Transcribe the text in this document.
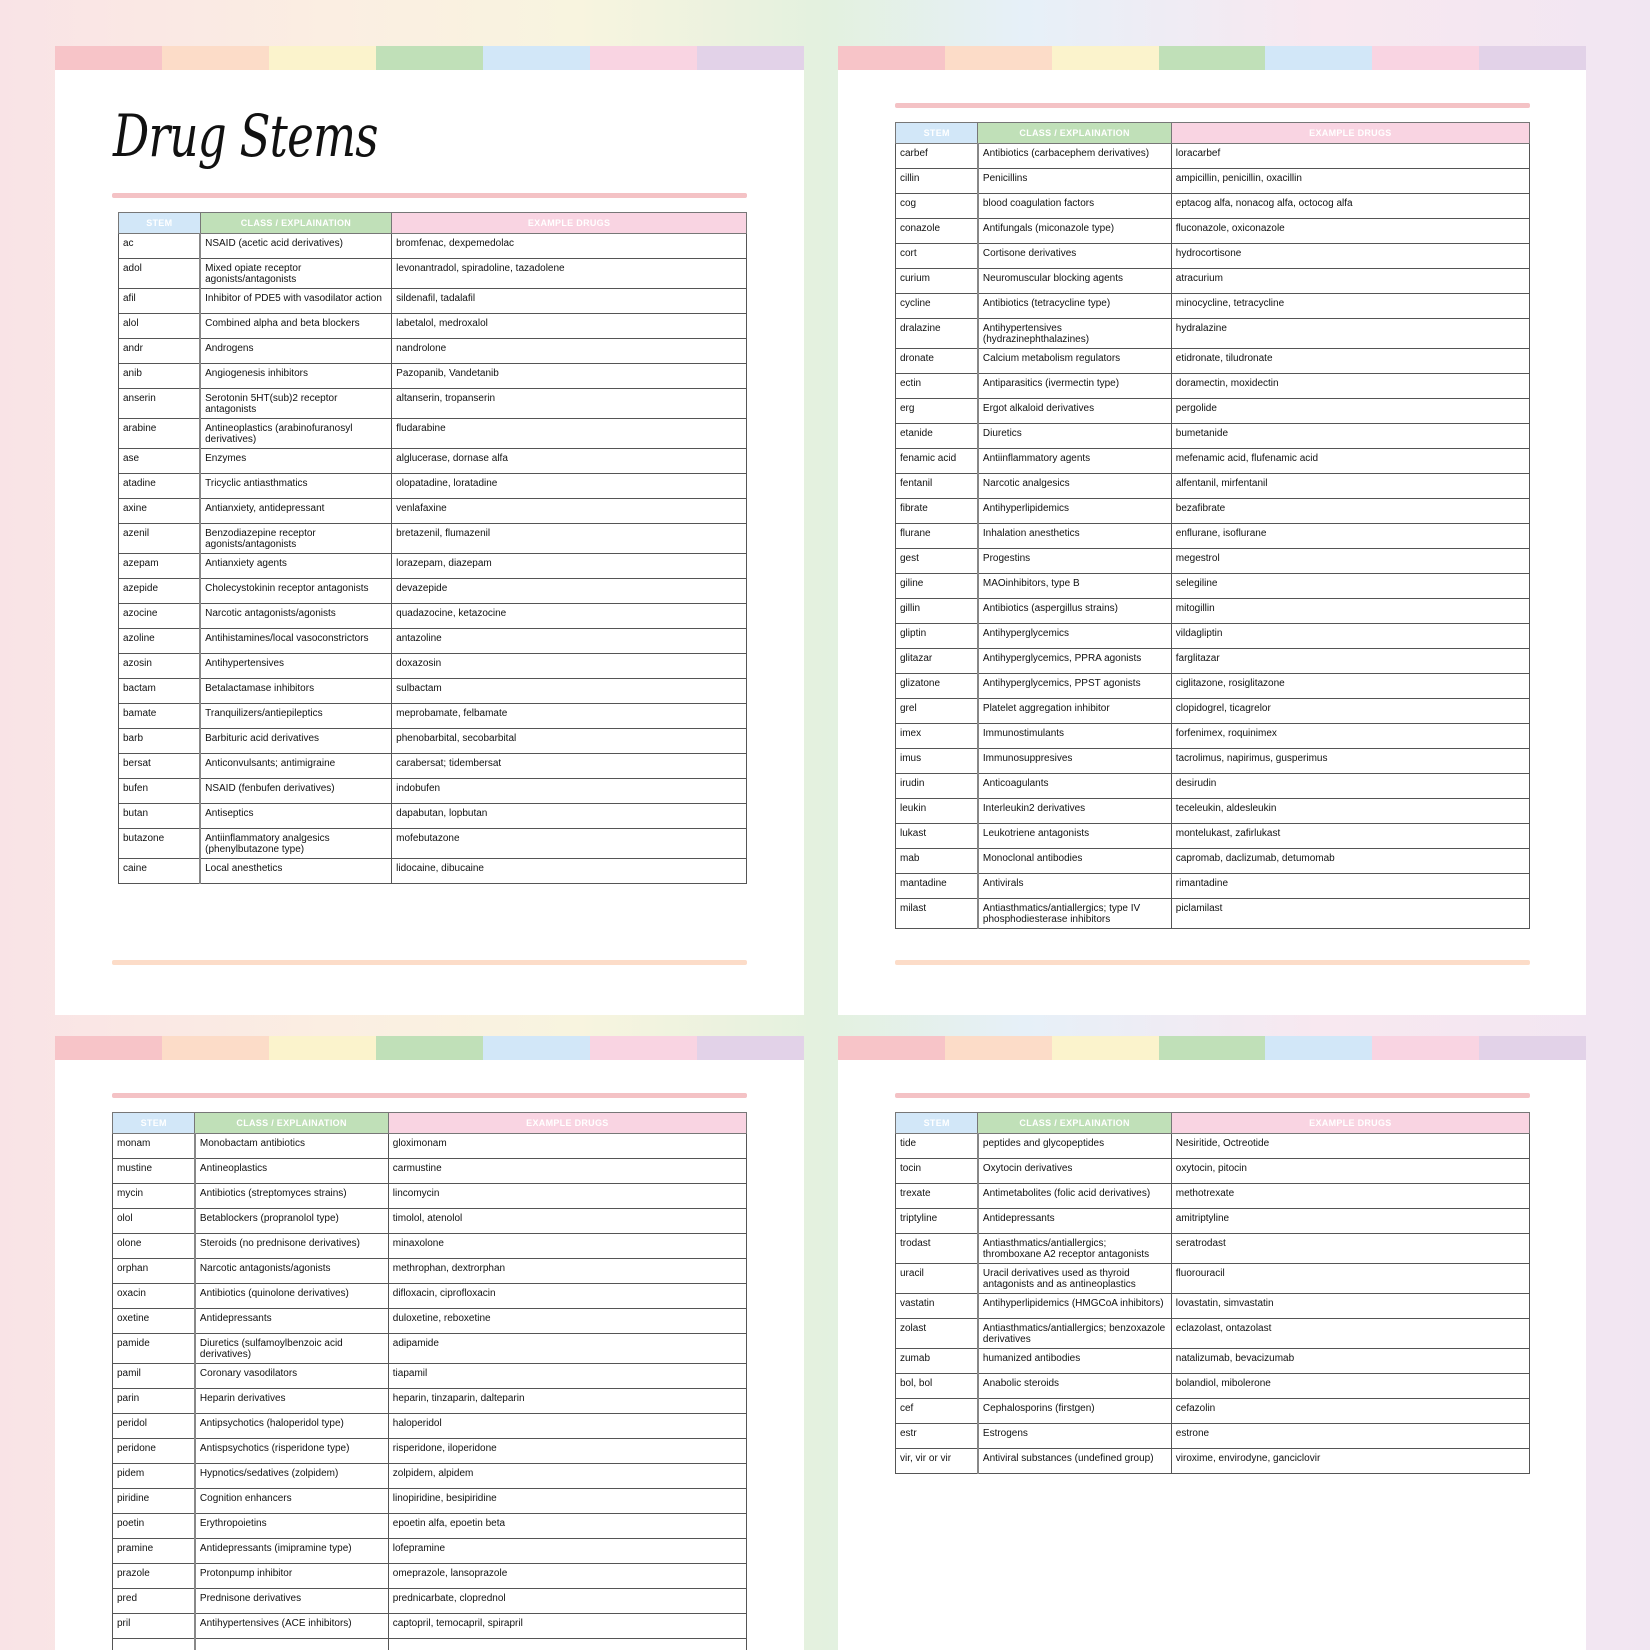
Drug Stems
STEM	CLASS / EXPLAINATION	EXAMPLE DRUGS
ac	NSAID (acetic acid derivatives)	bromfenac, dexpemedolac
adol	Mixed opiate receptor agonists/antagonists	levonantradol, spiradoline, tazadolene
afil	Inhibitor of PDE5 with vasodilator action	sildenafil, tadalafil
alol	Combined alpha and beta blockers	labetalol, medroxalol
andr	Androgens	nandrolone
anib	Angiogenesis inhibitors	Pazopanib, Vandetanib
anserin	Serotonin 5HT(sub)2 receptor antagonists	altanserin, tropanserin
arabine	Antineoplastics (arabinofuranosyl derivatives)	fludarabine
ase	Enzymes	alglucerase, dornase alfa
atadine	Tricyclic antiasthmatics	olopatadine, loratadine
axine	Antianxiety, antidepressant	venlafaxine
azenil	Benzodiazepine receptor agonists/antagonists	bretazenil, flumazenil
azepam	Antianxiety agents	lorazepam, diazepam
azepide	Cholecystokinin receptor antagonists	devazepide
azocine	Narcotic antagonists/agonists	quadazocine, ketazocine
azoline	Antihistamines/local vasoconstrictors	antazoline
azosin	Antihypertensives	doxazosin
bactam	Betalactamase inhibitors	sulbactam
bamate	Tranquilizers/antiepileptics	meprobamate, felbamate
barb	Barbituric acid derivatives	phenobarbital, secobarbital
bersat	Anticonvulsants; antimigraine	carabersat; tidembersat
bufen	NSAID (fenbufen derivatives)	indobufen
butan	Antiseptics	dapabutan, lopbutan
butazone	Antiinflammatory analgesics (phenylbutazone type)	mofebutazone
caine	Local anesthetics	lidocaine, dibucaine
STEM	CLASS / EXPLAINATION	EXAMPLE DRUGS
carbef	Antibiotics (carbacephem derivatives)	loracarbef
cillin	Penicillins	ampicillin, penicillin, oxacillin
cog	blood coagulation factors	eptacog alfa, nonacog alfa, octocog alfa
conazole	Antifungals (miconazole type)	fluconazole, oxiconazole
cort	Cortisone derivatives	hydrocortisone
curium	Neuromuscular blocking agents	atracurium
cycline	Antibiotics (tetracycline type)	minocycline, tetracycline
dralazine	Antihypertensives (hydrazinephthalazines)	hydralazine
dronate	Calcium metabolism regulators	etidronate, tiludronate
ectin	Antiparasitics (ivermectin type)	doramectin, moxidectin
erg	Ergot alkaloid derivatives	pergolide
etanide	Diuretics	bumetanide
fenamic acid	Antiinflammatory agents	mefenamic acid, flufenamic acid
fentanil	Narcotic analgesics	alfentanil, mirfentanil
fibrate	Antihyperlipidemics	bezafibrate
flurane	Inhalation anesthetics	enflurane, isoflurane
gest	Progestins	megestrol
giline	MAOinhibitors, type B	selegiline
gillin	Antibiotics (aspergillus strains)	mitogillin
gliptin	Antihyperglycemics	vildagliptin
glitazar	Antihyperglycemics, PPRA agonists	farglitazar
glizatone	Antihyperglycemics, PPST agonists	ciglitazone, rosiglitazone
grel	Platelet aggregation inhibitor	clopidogrel, ticagrelor
imex	Immunostimulants	forfenimex, roquinimex
imus	Immunosuppresives	tacrolimus, napirimus, gusperimus
irudin	Anticoagulants	desirudin
leukin	Interleukin2 derivatives	teceleukin, aldesleukin
lukast	Leukotriene antagonists	montelukast, zafirlukast
mab	Monoclonal antibodies	capromab, daclizumab, detumomab
mantadine	Antivirals	rimantadine
milast	Antiasthmatics/antiallergics; type IV phosphodiesterase inhibitors	piclamilast
STEM	CLASS / EXPLAINATION	EXAMPLE DRUGS
monam	Monobactam antibiotics	gloximonam
mustine	Antineoplastics	carmustine
mycin	Antibiotics (streptomyces strains)	lincomycin
olol	Betablockers (propranolol type)	timolol, atenolol
olone	Steroids (no prednisone derivatives)	minaxolone
orphan	Narcotic antagonists/agonists	methrophan, dextrorphan
oxacin	Antibiotics (quinolone derivatives)	difloxacin, ciprofloxacin
oxetine	Antidepressants	duloxetine, reboxetine
pamide	Diuretics (sulfamoylbenzoic acid derivatives)	adipamide
pamil	Coronary vasodilators	tiapamil
parin	Heparin derivatives	heparin, tinzaparin, dalteparin
peridol	Antipsychotics (haloperidol type)	haloperidol
peridone	Antispsychotics (risperidone type)	risperidone, iloperidone
pidem	Hypnotics/sedatives (zolpidem)	zolpidem, alpidem
piridine	Cognition enhancers	linopiridine, besipiridine
poetin	Erythropoietins	epoetin alfa, epoetin beta
pramine	Antidepressants (imipramine type)	lofepramine
prazole	Protonpump inhibitor	omeprazole, lansoprazole
pred	Prednisone derivatives	prednicarbate, cloprednol
pril	Antihypertensives (ACE inhibitors)	captopril, temocapril, spirapril

STEM	CLASS / EXPLAINATION	EXAMPLE DRUGS
tide	peptides and glycopeptides	Nesiritide, Octreotide
tocin	Oxytocin derivatives	oxytocin, pitocin
trexate	Antimetabolites (folic acid derivatives)	methotrexate
triptyline	Antidepressants	amitriptyline
trodast	Antiasthmatics/antiallergics; thromboxane A2 receptor antagonists	seratrodast
uracil	Uracil derivatives used as thyroid antagonists and as antineoplastics	fluorouracil
vastatin	Antihyperlipidemics (HMGCoA inhibitors)	lovastatin, simvastatin
zolast	Antiasthmatics/antiallergics; benzoxazole derivatives	eclazolast, ontazolast
zumab	humanized antibodies	natalizumab, bevacizumab
bol, bol	Anabolic steroids	bolandiol, mibolerone
cef	Cephalosporins (firstgen)	cefazolin
estr	Estrogens	estrone
vir, vir or vir	Antiviral substances (undefined group)	viroxime, envirodyne, ganciclovir
